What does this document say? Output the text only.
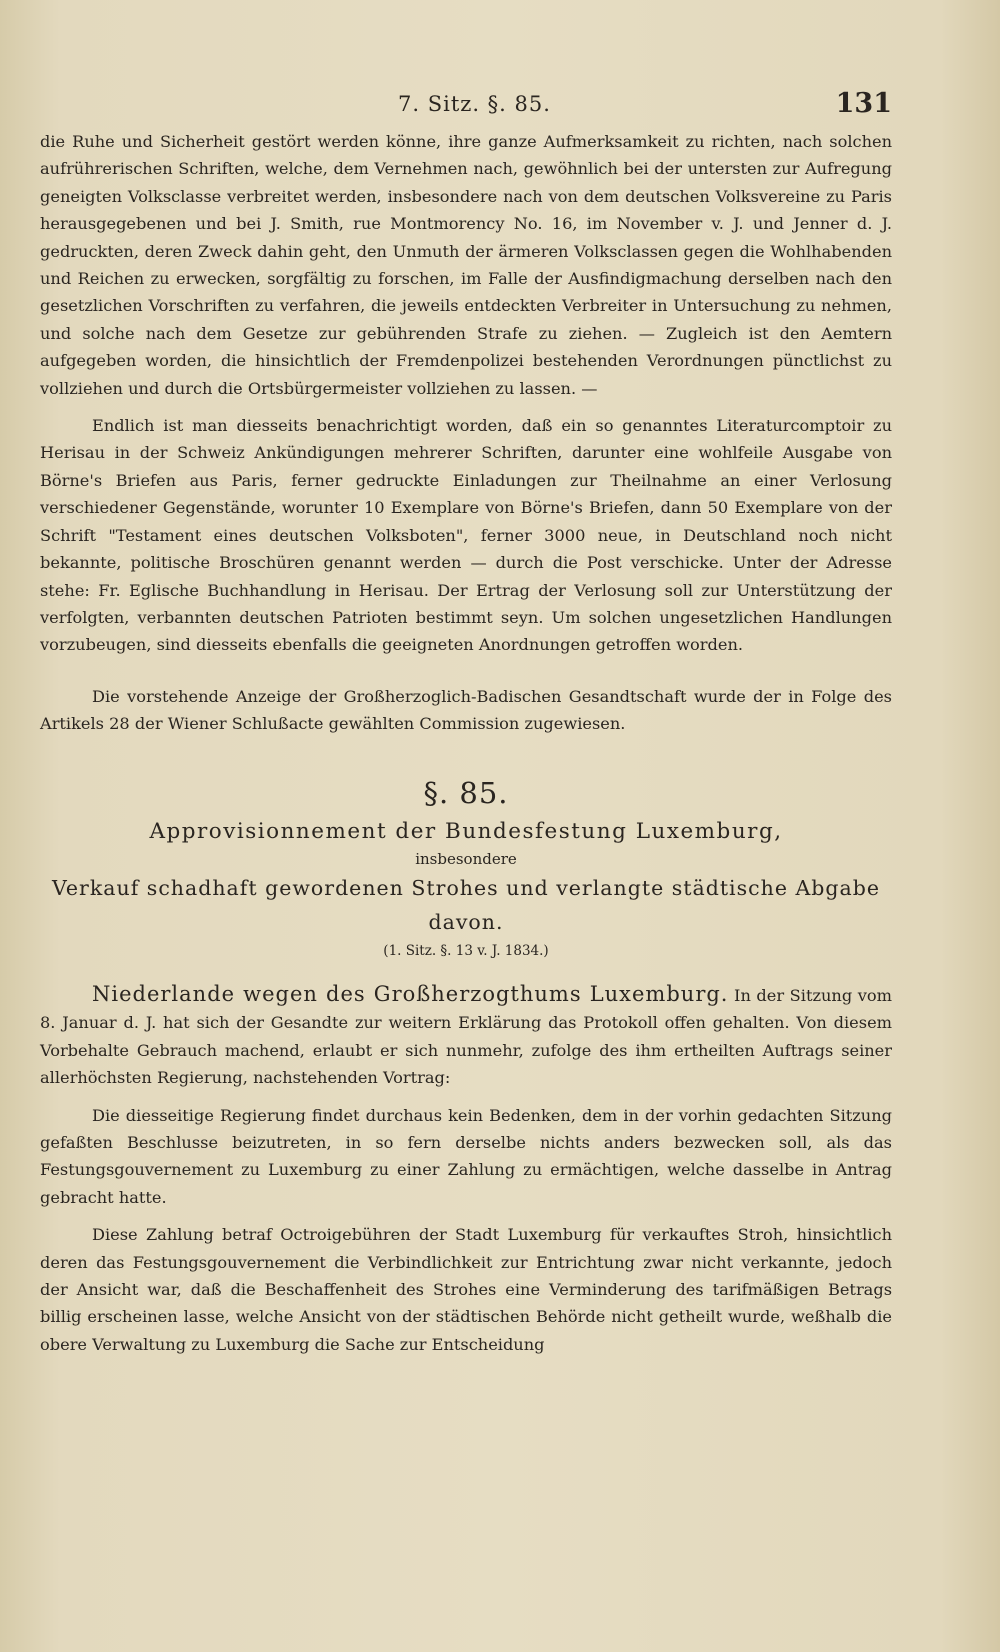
7. Sitz. §. 85.	131

die Ruhe und Sicherheit gestört werden könne, ihre ganze Aufmerksamkeit zu richten, nach solchen aufrührerischen Schriften, welche, dem Vernehmen nach, gewöhnlich bei der untersten zur Aufregung geneigten Volksclasse verbreitet werden, insbesondere nach von dem deutschen Volksvereine zu Paris herausgegebenen und bei J. Smith, rue Montmorency No. 16, im November v. J. und Jenner d. J. gedruckten, deren Zweck dahin geht, den Unmuth der ärmeren Volksclassen gegen die Wohlhabenden und Reichen zu erwecken, sorgfältig zu forschen, im Falle der Ausfindigmachung derselben nach den gesetzlichen Vorschriften zu verfahren, die jeweils entdeckten Verbreiter in Untersuchung zu nehmen, und solche nach dem Gesetze zur gebührenden Strafe zu ziehen. — Zugleich ist den Aemtern aufgegeben worden, die hinsichtlich der Fremdenpolizei bestehenden Verordnungen pünctlichst zu vollziehen und durch die Ortsbürgermeister vollziehen zu lassen. —

Endlich ist man diesseits benachrichtigt worden, daß ein so genanntes Literaturcomptoir zu Herisau in der Schweiz Ankündigungen mehrerer Schriften, darunter eine wohlfeile Ausgabe von Börne's Briefen aus Paris, ferner gedruckte Einladungen zur Theilnahme an einer Verlosung verschiedener Gegenstände, worunter 10 Exemplare von Börne's Briefen, dann 50 Exemplare von der Schrift "Testament eines deutschen Volksboten", ferner 3000 neue, in Deutschland noch nicht bekannte, politische Broschüren genannt werden — durch die Post verschicke. Unter der Adresse stehe: Fr. Eglische Buchhandlung in Herisau. Der Ertrag der Verlosung soll zur Unterstützung der verfolgten, verbannten deutschen Patrioten bestimmt seyn. Um solchen ungesetzlichen Handlungen vorzubeugen, sind diesseits ebenfalls die geeigneten Anordnungen getroffen worden.

Die vorstehende Anzeige der Großherzoglich-Badischen Gesandtschaft wurde der in Folge des Artikels 28 der Wiener Schlußacte gewählten Commission zugewiesen.

§. 85.
Approvisionnement der Bundesfestung Luxemburg,
insbesondere
Verkauf schadhaft gewordenen Strohes und verlangte städtische Abgabe davon.
(1. Sitz. §. 13 v. J. 1834.)

Niederlande wegen des Großherzogthums Luxemburg. In der Sitzung vom 8. Januar d. J. hat sich der Gesandte zur weitern Erklärung das Protokoll offen gehalten. Von diesem Vorbehalte Gebrauch machend, erlaubt er sich nunmehr, zufolge des ihm ertheilten Auftrags seiner allerhöchsten Regierung, nachstehenden Vortrag:

Die diesseitige Regierung findet durchaus kein Bedenken, dem in der vorhin gedachten Sitzung gefaßten Beschlusse beizutreten, in so fern derselbe nichts anders bezwecken soll, als das Festungsgouvernement zu Luxemburg zu einer Zahlung zu ermächtigen, welche dasselbe in Antrag gebracht hatte.

Diese Zahlung betraf Octroigebühren der Stadt Luxemburg für verkauftes Stroh, hinsichtlich deren das Festungsgouvernement die Verbindlichkeit zur Entrichtung zwar nicht verkannte, jedoch der Ansicht war, daß die Beschaffenheit des Strohes eine Verminderung des tarifmäßigen Betrags billig erscheinen lasse, welche Ansicht von der städtischen Behörde nicht getheilt wurde, weßhalb die obere Verwaltung zu Luxemburg die Sache zur Entscheidung
